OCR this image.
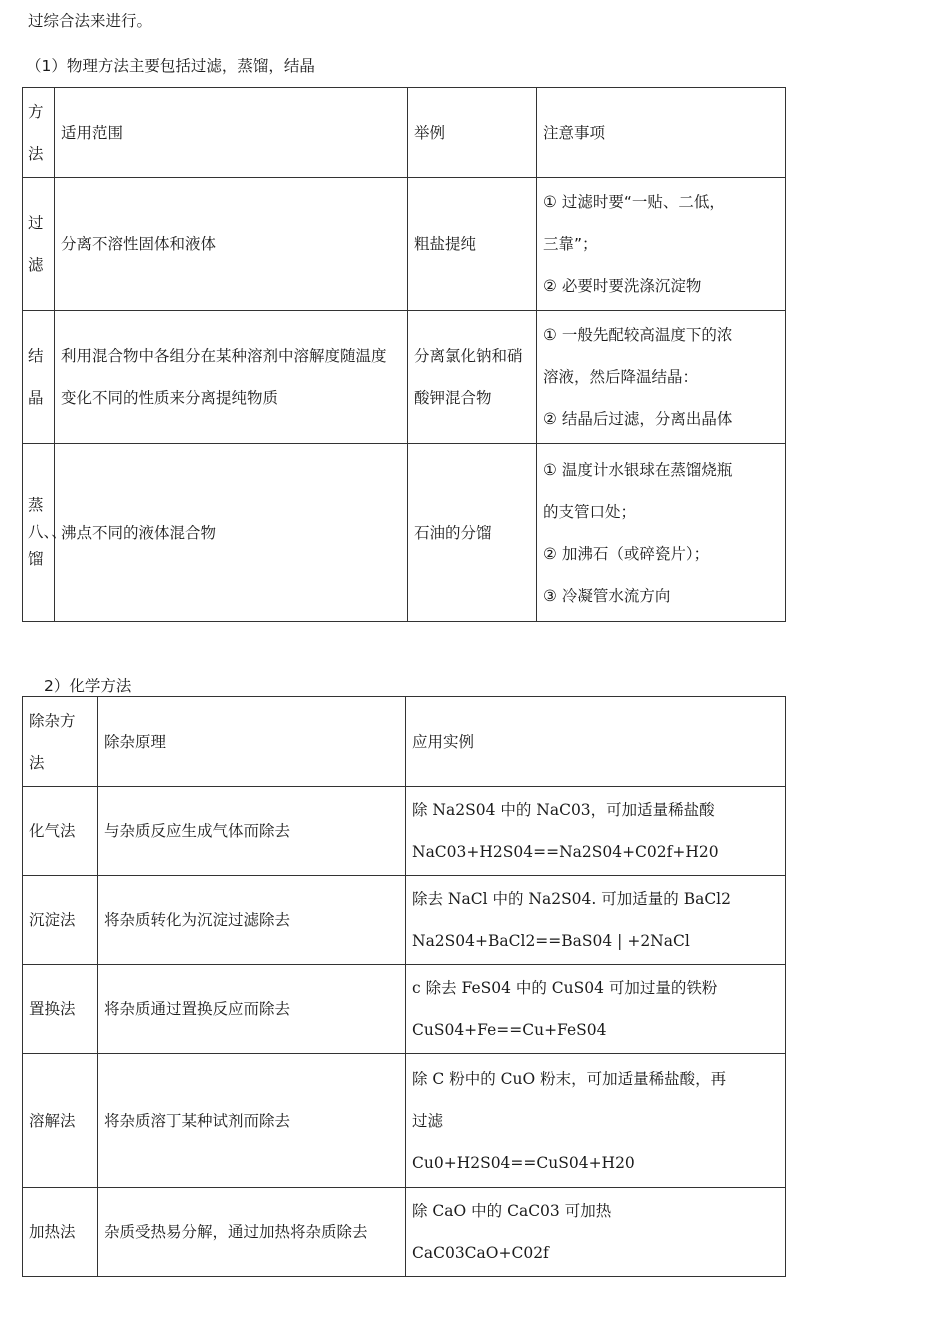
过综合法来进行。
（1）物理方法主要包括过滤，蒸馏，结晶
方法	适用范围	举例	注意事项

过滤	分离不溶性固体和液体	粗盐提纯	① 过滤时要“一贴、二低，
三靠”；
② 必要时要洗涤沉淀物

结晶	利用混合物中各组分在某种溶剂中溶解度随温度变化不同的性质来分离提纯物质	分离氯化钠和硝酸钾混合物	① 一般先配较高温度下的浓
溶液，然后降温结晶：
② 结晶后过滤，分离出晶体

蒸八、、馏	沸点不同的液体混合物	石油的分馏	① 温度计水银球在蒸馏烧瓶
的支管口处；
② 加沸石（或碎瓷片）；
③ 冷凝管水流方向
2）化学方法
除杂方法	除杂原理	应用实例
化气法	与杂质反应生成气体而除去	除 Na2S04 中的 NaC03，可加适量稀盐酸
NaC03+H2S04==Na2S04+C02f+H20

沉淀法	将杂质转化为沉淀过滤除去	除去 NaCl 中的 Na2S04. 可加适量的 BaCl2
Na2S04+BaCl2==BaS04 | +2NaCl

置换法	将杂质通过置换反应而除去	c 除去 FeS04 中的 CuS04 可加过量的铁粉
CuS04+Fe==Cu+FeS04

溶解法	将杂质溶丁某种试剂而除去	除 C 粉中的 CuO 粉末，可加适量稀盐酸，再
过滤
Cu0+H2S04==CuS04+H20

加热法	杂质受热易分解，通过加热将杂质除去	除 CaO 中的 CaC03 可加热
CaC03CaO+C02f
